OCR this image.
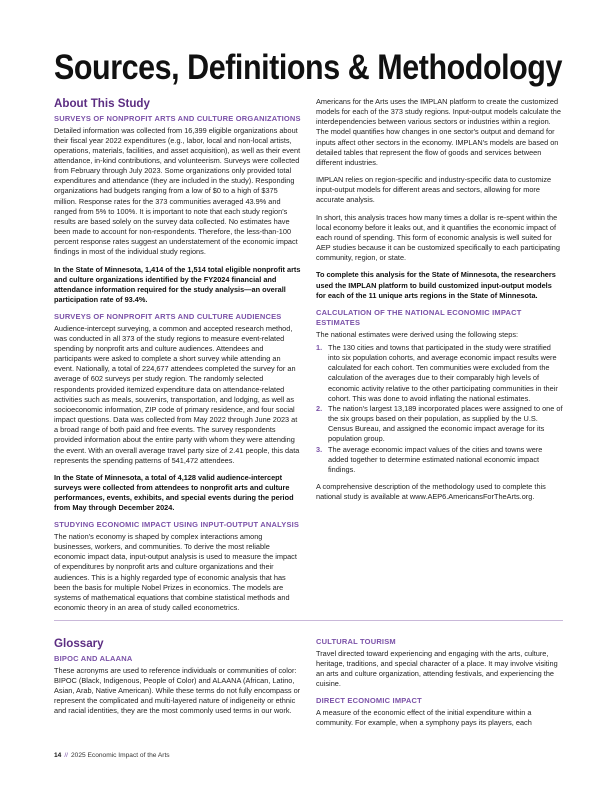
Sources, Definitions & Methodology
About This Study
SURVEYS OF NONPROFIT ARTS AND CULTURE ORGANIZATIONS

Detailed information was collected from 16,399 eligible organizations about their fiscal year 2022 expenditures (e.g., labor, local and non-local artists, operations, materials, facilities, and asset acquisition), as well as their event attendance, in-kind contributions, and volunteerism. Surveys were collected from February through July 2023. Some organizations only provided total expenditures and attendance (they are included in the study). Responding organizations had budgets ranging from a low of $0 to a high of $375 million. Response rates for the 373 communities averaged 43.9% and ranged from 5% to 100%. It is important to note that each study region's results are based solely on the survey data collected. No estimates have been made to account for non-respondents. Therefore, the less-than-100 percent response rates suggest an understatement of the economic impact findings in most of the individual study regions.

In the State of Minnesota, 1,414 of the 1,514 total eligible nonprofit arts and culture organizations identified by the FY2024 financial and attendance information required for the study analysis—an overall participation rate of 93.4%.

SURVEYS OF NONPROFIT ARTS AND CULTURE AUDIENCES

Audience-intercept surveying, a common and accepted research method, was conducted in all 373 of the study regions to measure event-related spending by nonprofit arts and culture audiences. Attendees and participants were asked to complete a short survey while attending an event. Nationally, a total of 224,677 attendees completed the survey for an average of 602 surveys per study region. The randomly selected respondents provided itemized expenditure data on attendance-related activities such as meals, souvenirs, transportation, and lodging, as well as socioeconomic information, ZIP code of primary residence, and four social impact questions. Data was collected from May 2022 through June 2023 at a broad range of both paid and free events. The survey respondents provided information about the entire party with whom they were attending the event. With an overall average travel party size of 2.41 people, this data represents the spending patterns of 541,472 attendees.

In the State of Minnesota, a total of 4,128 valid audience-intercept surveys were collected from attendees to nonprofit arts and culture performances, events, exhibits, and special events during the period from May through December 2024.

STUDYING ECONOMIC IMPACT USING INPUT-OUTPUT ANALYSIS

The nation's economy is shaped by complex interactions among businesses, workers, and communities. To derive the most reliable economic impact data, input-output analysis is used to measure the impact of expenditures by nonprofit arts and culture organizations and their audiences. This is a highly regarded type of economic analysis that has been the basis for multiple Nobel Prizes in economics. The models are systems of mathematical equations that combine statistical methods and economic theory in an area of study called econometrics.

Americans for the Arts uses the IMPLAN platform to create the customized models for each of the 373 study regions. Input-output models calculate the interdependencies between various sectors or industries within a region. The model quantifies how changes in one sector's output and demand for inputs affect other sectors in the economy. IMPLAN's models are based on detailed tables that represent the flow of goods and services between different industries.

IMPLAN relies on region-specific and industry-specific data to customize input-output models for different areas and sectors, allowing for more accurate analysis.

In short, this analysis traces how many times a dollar is re-spent within the local economy before it leaks out, and it quantifies the economic impact of each round of spending. This form of economic analysis is well suited for AEP studies because it can be customized specifically to each participating community, region, or state.

To complete this analysis for the State of Minnesota, the researchers used the IMPLAN platform to build customized input-output models for each of the 11 unique arts regions in the State of Minnesota.

CALCULATION OF THE NATIONAL ECONOMIC IMPACT ESTIMATES

The national estimates were derived using the following steps:

1. The 130 cities and towns that participated in the study were stratified into six population cohorts, and average economic impact results were calculated for each cohort. Ten communities were excluded from the calculation of the averages due to their comparably high levels of economic activity relative to the other participating communities in their cohort. This was done to avoid inflating the national estimates.
2. The nation's largest 13,189 incorporated places were assigned to one of the six groups based on their population, as supplied by the U.S. Census Bureau, and assigned the economic impact average for its population group.
3. The average economic impact values of the cities and towns were added together to determine estimated national economic impact findings.

A comprehensive description of the methodology used to complete this national study is available at www.AEP6.AmericansForTheArts.org.

Glossary
BIPOC AND ALAANA

These acronyms are used to reference individuals or communities of color: BIPOC (Black, Indigenous, People of Color) and ALAANA (African, Latino, Asian, Arab, Native American). While these terms do not fully encompass or represent the complicated and multi-layered nature of indigeneity or ethnic and racial identities, they are the most commonly used terms in our work.

CULTURAL TOURISM

Travel directed toward experiencing and engaging with the arts, culture, heritage, traditions, and special character of a place. It may involve visiting an arts and culture organization, attending festivals, and experiencing the cuisine.

DIRECT ECONOMIC IMPACT

A measure of the economic effect of the initial expenditure within a community. For example, when a symphony pays its players, each

14 // 2025 Economic Impact of the Arts
